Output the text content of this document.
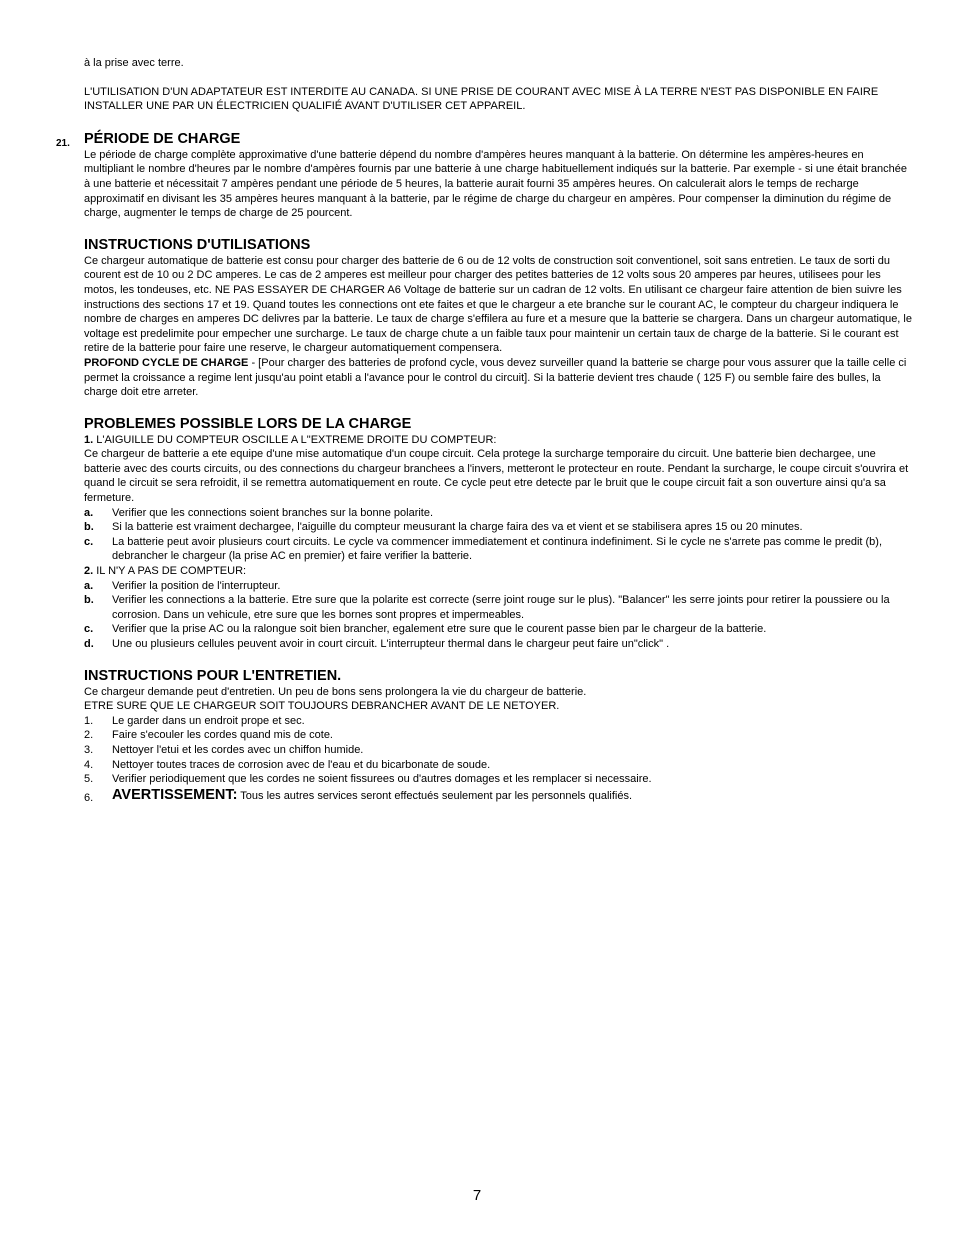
à la prise avec terre.

L'UTILISATION D'UN ADAPTATEUR EST INTERDITE AU CANADA. SI UNE PRISE DE COURANT AVEC MISE À LA TERRE N'EST PAS DISPONIBLE EN FAIRE INSTALLER UNE PAR UN ÉLECTRICIEN QUALIFIÉ AVANT D'UTILISER CET APPAREIL.

21. PÉRIODE DE CHARGE

Le période de charge complète approximative d'une batterie dépend du nombre d'ampères heures manquant à la batterie. On détermine les ampères-heures en multipliant le nombre d'heures par le nombre d'ampères fournis par une batterie à une charge habituellement indiqués sur la batterie. Par exemple - si une était branchée à une batterie et nécessitait 7 ampères pendant une période de 5 heures, la batterie aurait fourni 35 ampères heures. On calculerait alors le temps de recharge approximatif en divisant les 35 ampères heures manquant à la batterie, par le régime de charge du chargeur en ampères. Pour compenser la diminution du régime de charge, augmenter le temps de charge de 25 pourcent.

INSTRUCTIONS D'UTILISATIONS

Ce chargeur automatique de batterie est consu pour charger des batterie de 6 ou de 12 volts de construction soit conventionel, soit sans entretien. Le taux de sorti du courent est de 10 ou 2 DC amperes. Le cas de 2 amperes est meilleur pour charger des petites batteries de 12 volts sous 20 amperes par heures, utilisees pour les motos, les tondeuses, etc. NE PAS ESSAYER DE CHARGER A6 Voltage de batterie sur un cadran de 12 volts. En utilisant ce chargeur faire attention de bien suivre les instructions des sections 17 et 19. Quand toutes les connections ont ete faites et que le chargeur a ete branche sur le courant AC, le compteur du chargeur indiquera le nombre de charges en amperes DC delivres par la batterie. Le taux de charge s'effilera au fure et a mesure que la batterie se chargera. Dans un chargeur automatique, le voltage est predelimite pour empecher une surcharge. Le taux de charge chute a un faible taux pour maintenir un certain taux de charge de la batterie. Si le courant est retire de la batterie pour faire une reserve, le chargeur automatiquement compensera.

PROFOND CYCLE DE CHARGE - [Pour charger des batteries de profond cycle, vous devez surveiller quand la batterie se charge pour vous assurer que la taille celle ci permet la croissance a regime lent jusqu'au point etabli a l'avance pour le control du circuit]. Si la batterie devient tres chaude ( 125 F) ou semble faire des bulles, la charge doit etre arreter.

PROBLEMES POSSIBLE LORS DE LA CHARGE

1. L'AIGUILLE DU COMPTEUR OSCILLE A L"EXTREME DROITE DU COMPTEUR:

Ce chargeur de batterie a ete equipe d'une mise automatique d'un coupe circuit. Cela protege la surcharge temporaire du circuit. Une batterie bien dechargee, une batterie avec des courts circuits, ou des connections du chargeur branchees a l'invers, metteront le protecteur en route. Pendant la surcharge, le coupe circuit s'ouvrira et quand le circuit se sera refroidit, il se remettra automatiquement en route. Ce cycle peut etre detecte par le bruit que le coupe circuit fait a son ouverture ainsi qu'a sa fermeture.

a. Verifier que les connections soient branches sur la bonne polarite.
b. Si la batterie est vraiment dechargee, l'aiguille du compteur meusurant la charge faira des va et vient et se stabilisera apres 15 ou 20 minutes.
c. La batterie peut avoir plusieurs court circuits. Le cycle va commencer immediatement et continura indefiniment. Si le cycle ne s'arrete pas comme le predit (b), debrancher le chargeur (la prise AC en premier) et faire verifier la batterie.

2. IL N'Y A PAS DE COMPTEUR:

a. Verifier la position de l'interrupteur.
b. Verifier les connections a la batterie. Etre sure que la polarite est correcte (serre joint rouge sur le plus). "Balancer" les serre joints pour retirer la poussiere ou la corrosion. Dans un vehicule, etre sure que les bornes sont propres et impermeables.
c. Verifier que la prise AC ou la ralongue soit bien brancher, egalement etre sure que le courent passe bien par le chargeur de la batterie.
d. Une ou plusieurs cellules peuvent avoir in court circuit. L'interrupteur thermal dans le chargeur peut faire un"click" .
INSTRUCTIONS POUR L'ENTRETIEN.

Ce chargeur demande peut d'entretien. Un peu de bons sens prolongera la vie du chargeur de batterie.

ETRE SURE QUE LE CHARGEUR SOIT TOUJOURS DEBRANCHER AVANT DE LE NETOYER.

1. Le garder dans un endroit prope et sec.
2. Faire s'ecouler les cordes quand mis de cote.
3. Nettoyer l'etui et les cordes avec un chiffon humide.
4. Nettoyer toutes traces de corrosion avec de l'eau et du bicarbonate de soude.
5. Verifier periodiquement que les cordes ne soient fissurees ou d'autres domages et les remplacer si necessaire.
6. AVERTISSEMENT: Tous les autres services seront effectués seulement par les personnels qualifiés.
7
